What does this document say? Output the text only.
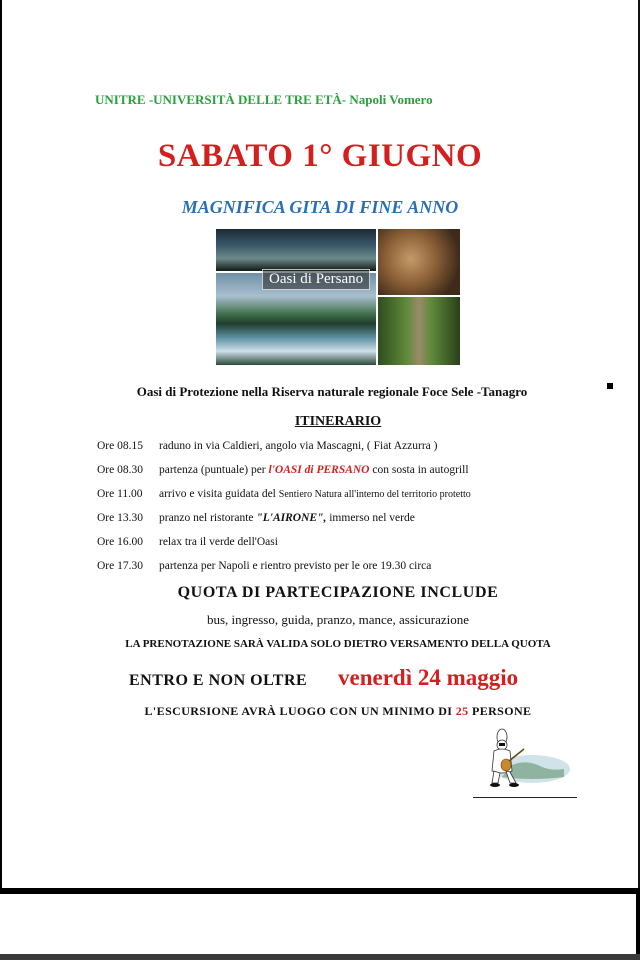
UNITRE -UNIVERSITÀ DELLE TRE ETÀ- Napoli Vomero
SABATO 1° GIUGNO
MAGNIFICA GITA DI FINE ANNO
Oasi di Persano
Oasi di Protezione nella Riserva naturale regionale Foce Sele -Tanagro
ITINERARIO
Ore 08.15 raduno in via Caldieri, angolo via Mascagni, ( Fiat Azzurra )
Ore 08.30 partenza (puntuale) per l'OASI di PERSANO con sosta in autogrill
Ore 11.00 arrivo e visita guidata del Sentiero Natura all'interno del territorio protetto
Ore 13.30 pranzo nel ristorante "L'AIRONE", immerso nel verde
Ore 16.00 relax tra il verde dell'Oasi
Ore 17.30 partenza per Napoli e rientro previsto per le ore 19.30 circa
QUOTA DI PARTECIPAZIONE INCLUDE
bus, ingresso, guida, pranzo, mance, assicurazione
LA PRENOTAZIONE SARÀ VALIDA SOLO DIETRO VERSAMENTO DELLA QUOTA
ENTRO E NON OLTRE venerdì 24 maggio
L'ESCURSIONE AVRÀ LUOGO CON UN MINIMO DI 25 PERSONE
